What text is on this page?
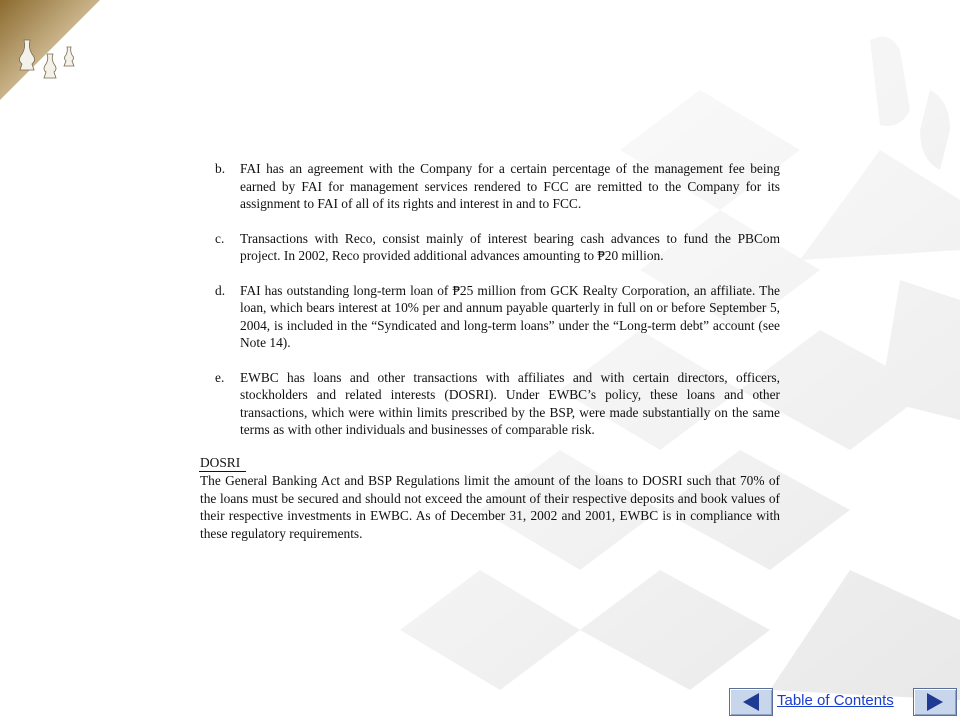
b. FAI has an agreement with the Company for a certain percentage of the management fee being earned by FAI for management services rendered to FCC are remitted to the Company for its assignment to FAI of all of its rights and interest in and to FCC.

c. Transactions with Reco, consist mainly of interest bearing cash advances to fund the PBCom project. In 2002, Reco provided additional advances amounting to ₱20 million.

d. FAI has outstanding long-term loan of ₱25 million from GCK Realty Corporation, an affiliate. The loan, which bears interest at 10% per and annum payable quarterly in full on or before September 5, 2004, is included in the “Syndicated and long-term loans” under the “Long-term debt” account (see Note 14).

e. EWBC has loans and other transactions with affiliates and with certain directors, officers, stockholders and related interests (DOSRI). Under EWBC’s policy, these loans and other transactions, which were within limits prescribed by the BSP, were made substantially on the same terms as with other individuals and businesses of comparable risk.

DOSRI

The General Banking Act and BSP Regulations limit the amount of the loans to DOSRI such that 70% of the loans must be secured and should not exceed the amount of their respective deposits and book values of their respective investments in EWBC. As of December 31, 2002 and 2001, EWBC is in compliance with these regulatory requirements.

Table of Contents
